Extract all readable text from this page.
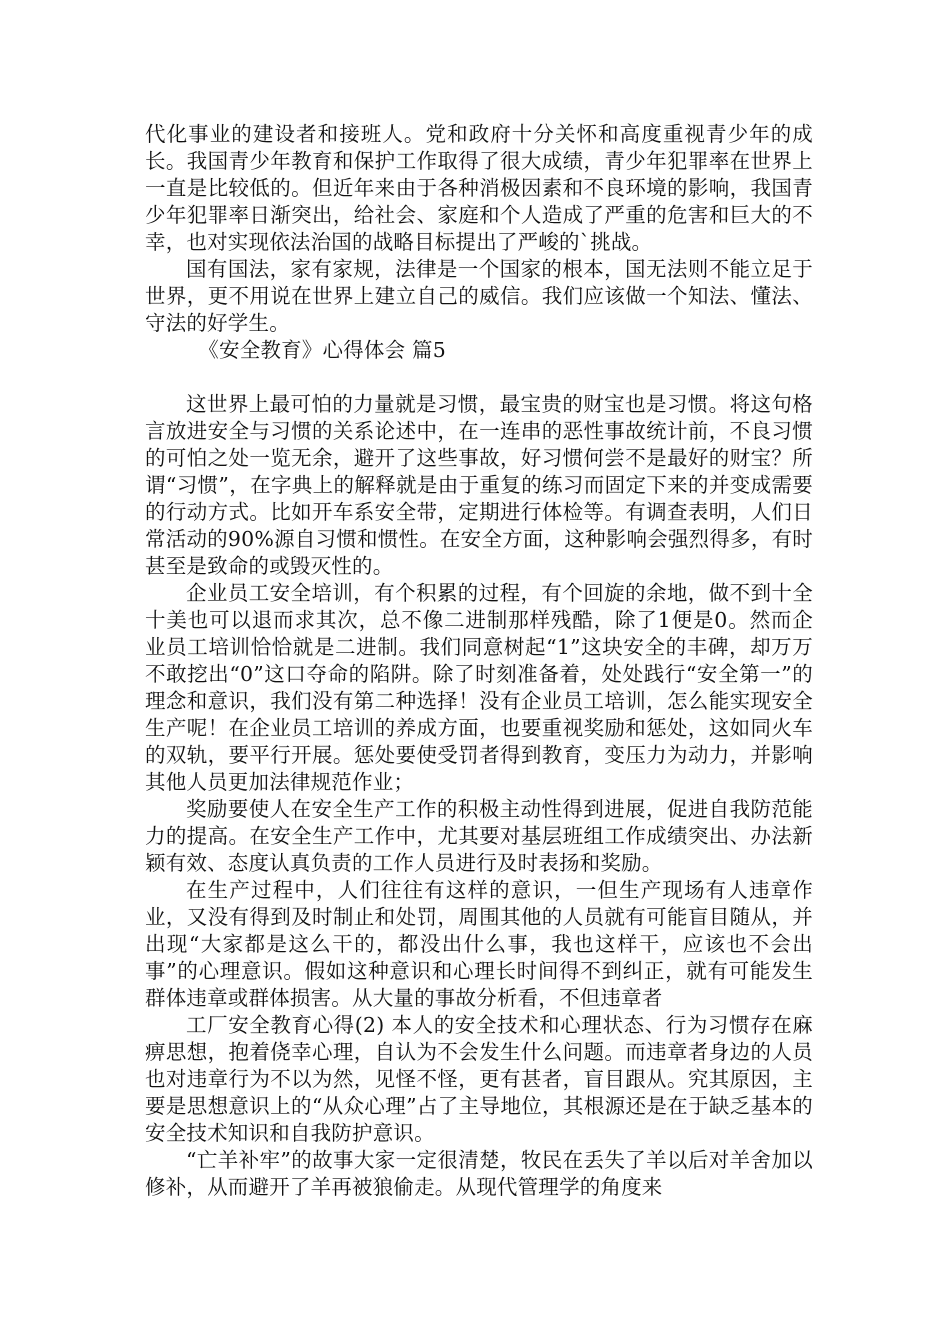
代化事业的建设者和接班人。党和政府十分关怀和高度重视青少年的成长。我国青少年教育和保护工作取得了很大成绩，青少年犯罪率在世界上一直是比较低的。但近年来由于各种消极因素和不良环境的影响，我国青少年犯罪率日渐突出，给社会、家庭和个人造成了严重的危害和巨大的不幸，也对实现依法治国的战略目标提出了严峻的`挑战。

国有国法，家有家规，法律是一个国家的根本，国无法则不能立足于世界，更不用说在世界上建立自己的威信。我们应该做一个知法、懂法、守法的好学生。

《安全教育》心得体会 篇5

这世界上最可怕的力量就是习惯，最宝贵的财宝也是习惯。将这句格言放进安全与习惯的关系论述中，在一连串的恶性事故统计前，不良习惯的可怕之处一览无余，避开了这些事故，好习惯何尝不是最好的财宝？所谓“习惯”，在字典上的解释就是由于重复的练习而固定下来的并变成需要的行动方式。比如开车系安全带，定期进行体检等。有调查表明，人们日常活动的90%源自习惯和惯性。在安全方面，这种影响会强烈得多，有时甚至是致命的或毁灭性的。

企业员工安全培训，有个积累的过程，有个回旋的余地，做不到十全十美也可以退而求其次，总不像二进制那样残酷，除了1便是0。然而企业员工培训恰恰就是二进制。我们同意树起“1”这块安全的丰碑，却万万不敢挖出“0”这口夺命的陷阱。除了时刻准备着，处处践行“安全第一”的理念和意识，我们没有第二种选择！没有企业员工培训，怎么能实现安全生产呢！在企业员工培训的养成方面，也要重视奖励和惩处，这如同火车的双轨，要平行开展。惩处要使受罚者得到教育，变压力为动力，并影响其他人员更加法律规范作业；

奖励要使人在安全生产工作的积极主动性得到进展，促进自我防范能力的提高。在安全生产工作中，尤其要对基层班组工作成绩突出、办法新颖有效、态度认真负责的工作人员进行及时表扬和奖励。

在生产过程中，人们往往有这样的意识，一但生产现场有人违章作业，又没有得到及时制止和处罚，周围其他的人员就有可能盲目随从，并出现“大家都是这么干的，都没出什么事，我也这样干，应该也不会出事”的心理意识。假如这种意识和心理长时间得不到纠正，就有可能发生群体违章或群体损害。从大量的事故分析看，不但违章者

工厂安全教育心得(2) 本人的安全技术和心理状态、行为习惯存在麻痹思想，抱着侥幸心理，自认为不会发生什么问题。而违章者身边的人员也对违章行为不以为然，见怪不怪，更有甚者，盲目跟从。究其原因，主要是思想意识上的“从众心理”占了主导地位，其根源还是在于缺乏基本的安全技术知识和自我防护意识。

“亡羊补牢”的故事大家一定很清楚，牧民在丢失了羊以后对羊舍加以修补，从而避开了羊再被狼偷走。从现代管理学的角度来
